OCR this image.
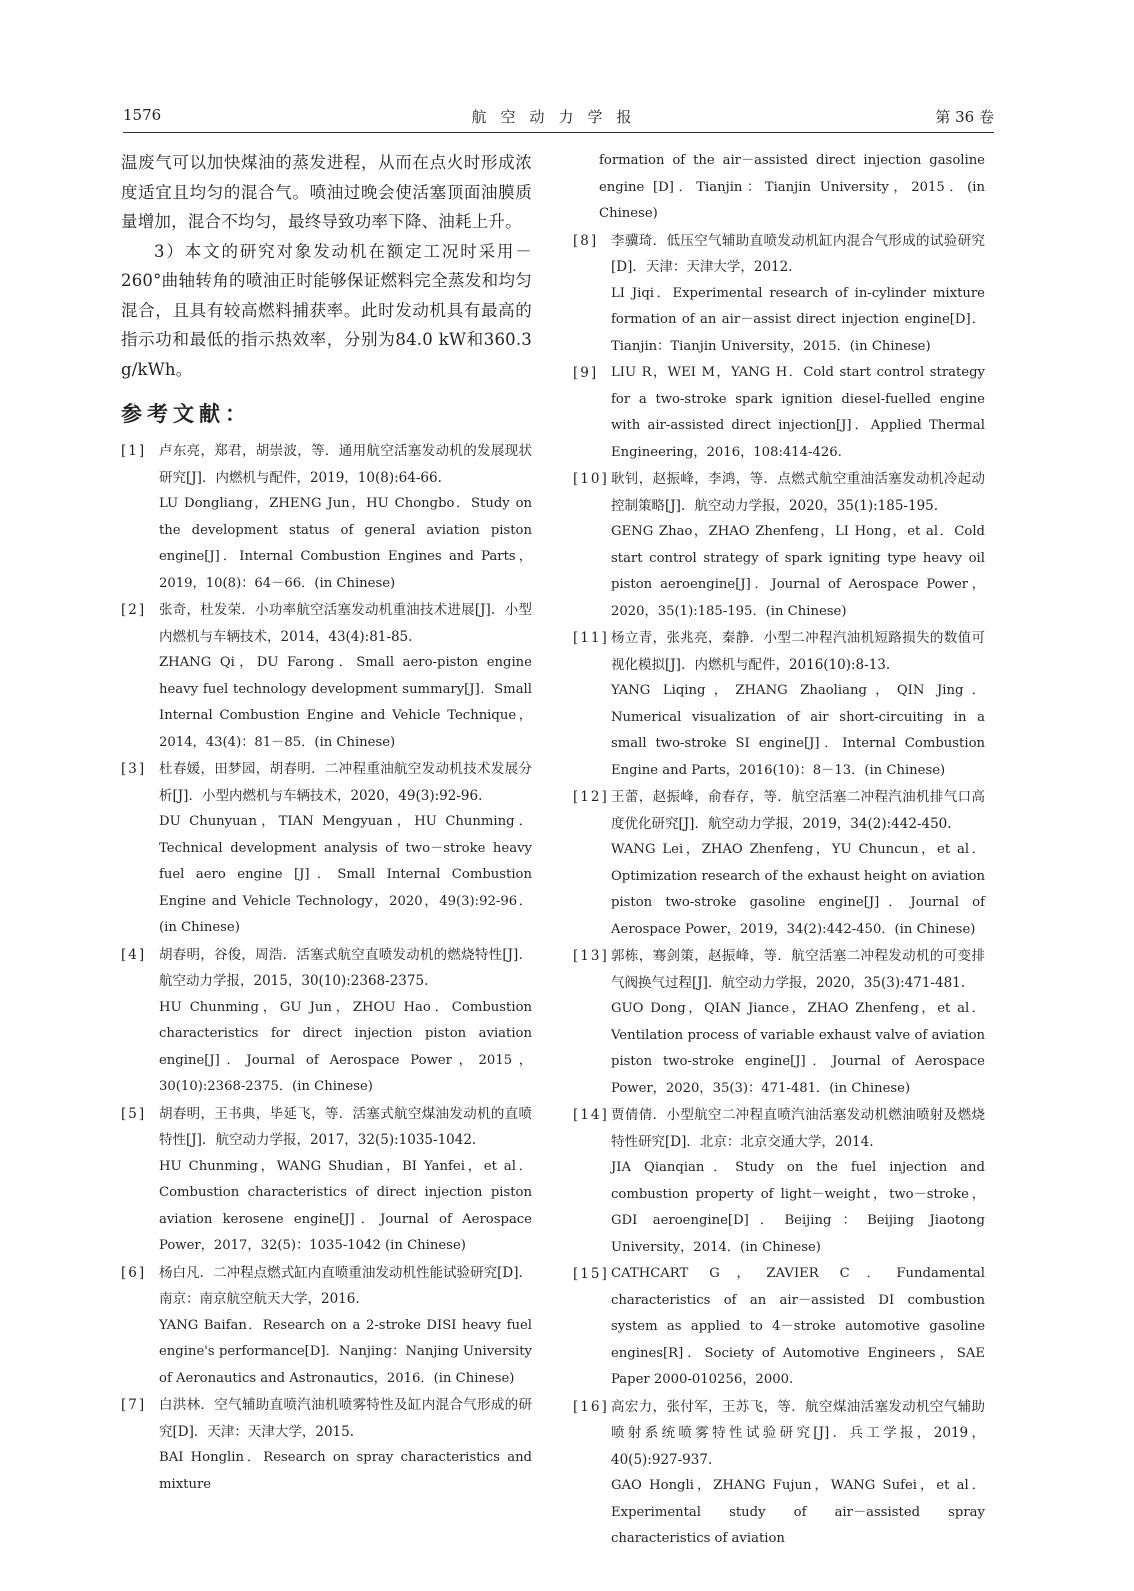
1576	航空动力学报	第 36 卷

温废气可以加快煤油的蒸发进程，从而在点火时形成浓度适宜且均匀的混合气。喷油过晚会使活塞顶面油膜质量增加，混合不均匀，最终导致功率下降、油耗上升。

3）本文的研究对象发动机在额定工况时采用－260°曲轴转角的喷油正时能够保证燃料完全蒸发和均匀混合，且具有较高燃料捕获率。此时发动机具有最高的指示功和最低的指示热效率，分别为84.0 kW和360.3 g/kWh。

参考文献：
[1] 卢东亮，郑君，胡崇波，等．通用航空活塞发动机的发展现状研究[J]．内燃机与配件，2019，10(8):64-66.
LU Dongliang，ZHENG Jun，HU Chongbo．Study on the development status of general aviation piston engine[J]．Internal Combustion Engines and Parts，2019，10(8)：64－66．(in Chinese)
[2] 张奇，杜发荣．小功率航空活塞发动机重油技术进展[J]．小型内燃机与车辆技术，2014，43(4):81-85.
ZHANG Qi，DU Farong．Small aero-piston engine heavy fuel technology development summary[J]．Small Internal Combustion Engine and Vehicle Technique，2014，43(4)：81－85．(in Chinese)
[3] 杜春媛，田梦园，胡春明．二冲程重油航空发动机技术发展分析[J]．小型内燃机与车辆技术，2020，49(3):92-96.
DU Chunyuan，TIAN Mengyuan，HU Chunming．Technical development analysis of two－stroke heavy fuel aero engine [J]．Small Internal Combustion Engine and Vehicle Technology，2020，49(3):92-96．(in Chinese)
[4] 胡春明，谷俊，周浩．活塞式航空直喷发动机的燃烧特性[J]．航空动力学报，2015，30(10):2368-2375.
HU Chunming，GU Jun，ZHOU Hao．Combustion characteristics for direct injection piston aviation engine[J]．Journal of Aerospace Power，2015，30(10):2368-2375．(in Chinese)
[5] 胡春明，王书典，毕延飞，等．活塞式航空煤油发动机的直喷特性[J]．航空动力学报，2017，32(5):1035-1042.
HU Chunming，WANG Shudian，BI Yanfei，et al．Combustion characteristics of direct injection piston aviation kerosene engine[J]．Journal of Aerospace Power，2017，32(5)：1035-1042 (in Chinese)
[6] 杨白凡．二冲程点燃式缸内直喷重油发动机性能试验研究[D]．南京：南京航空航天大学，2016.
YANG Baifan．Research on a 2-stroke DISI heavy fuel engine's performance[D]．Nanjing：Nanjing University of Aeronautics and Astronautics，2016．(in Chinese)
[7] 白洪林．空气辅助直喷汽油机喷雾特性及缸内混合气形成的研究[D]．天津：天津大学，2015.
BAI Honglin．Research on spray characteristics and mixture
formation of the air－assisted direct injection gasoline engine [D]．Tianjin：Tianjin University，2015．(in Chinese)
[8] 李骥琦．低压空气辅助直喷发动机缸内混合气形成的试验研究[D]．天津：天津大学，2012.
LI Jiqi．Experimental research of in-cylinder mixture formation of an air－assist direct injection engine[D]．Tianjin：Tianjin University，2015．(in Chinese)
[9] LIU R，WEI M，YANG H．Cold start control strategy for a two-stroke spark ignition diesel-fuelled engine with air-assisted direct injection[J]．Applied Thermal Engineering，2016，108:414-426.
[10] 耿钊，赵振峰，李鸿，等．点燃式航空重油活塞发动机冷起动控制策略[J]．航空动力学报，2020，35(1):185-195.
GENG Zhao，ZHAO Zhenfeng，LI Hong，et al．Cold start control strategy of spark igniting type heavy oil piston aeroengine[J]．Journal of Aerospace Power，2020，35(1):185-195．(in Chinese)
[11] 杨立青，张兆亮，秦静．小型二冲程汽油机短路损失的数值可视化模拟[J]．内燃机与配件，2016(10):8-13.
YANG Liqing，ZHANG Zhaoliang，QIN Jing．Numerical visualization of air short-circuiting in a small two-stroke SI engine[J]．Internal Combustion Engine and Parts，2016(10)：8－13．(in Chinese)
[12] 王蕾，赵振峰，俞春存，等．航空活塞二冲程汽油机排气口高度优化研究[J]．航空动力学报，2019，34(2):442-450.
WANG Lei，ZHAO Zhenfeng，YU Chuncun，et al．Optimization research of the exhaust height on aviation piston two-stroke gasoline engine[J]．Journal of Aerospace Power，2019，34(2):442-450．(in Chinese)
[13] 郭栋，骞剑策，赵振峰，等．航空活塞二冲程发动机的可变排气阀换气过程[J]．航空动力学报，2020，35(3):471-481.
GUO Dong，QIAN Jiance，ZHAO Zhenfeng，et al．Ventilation process of variable exhaust valve of aviation piston two-stroke engine[J]．Journal of Aerospace Power，2020，35(3)：471-481．(in Chinese)
[14] 贾倩倩．小型航空二冲程直喷汽油活塞发动机燃油喷射及燃烧特性研究[D]．北京：北京交通大学，2014.
JIA Qianqian．Study on the fuel injection and combustion property of light－weight，two－stroke，GDI aeroengine[D]．Beijing：Beijing Jiaotong University，2014．(in Chinese)
[15] CATHCART G，ZAVIER C．Fundamental characteristics of an air－assisted DI combustion system as applied to 4－stroke automotive gasoline engines[R]．Society of Automotive Engineers，SAE Paper 2000-010256，2000.
[16] 高宏力，张付军，王苏飞，等．航空煤油活塞发动机空气辅助喷射系统喷雾特性试验研究[J]．兵工学报，2019，40(5):927-937.
GAO Hongli，ZHANG Fujun，WANG Sufei，et al．Experimental study of air－assisted spray characteristics of aviation
